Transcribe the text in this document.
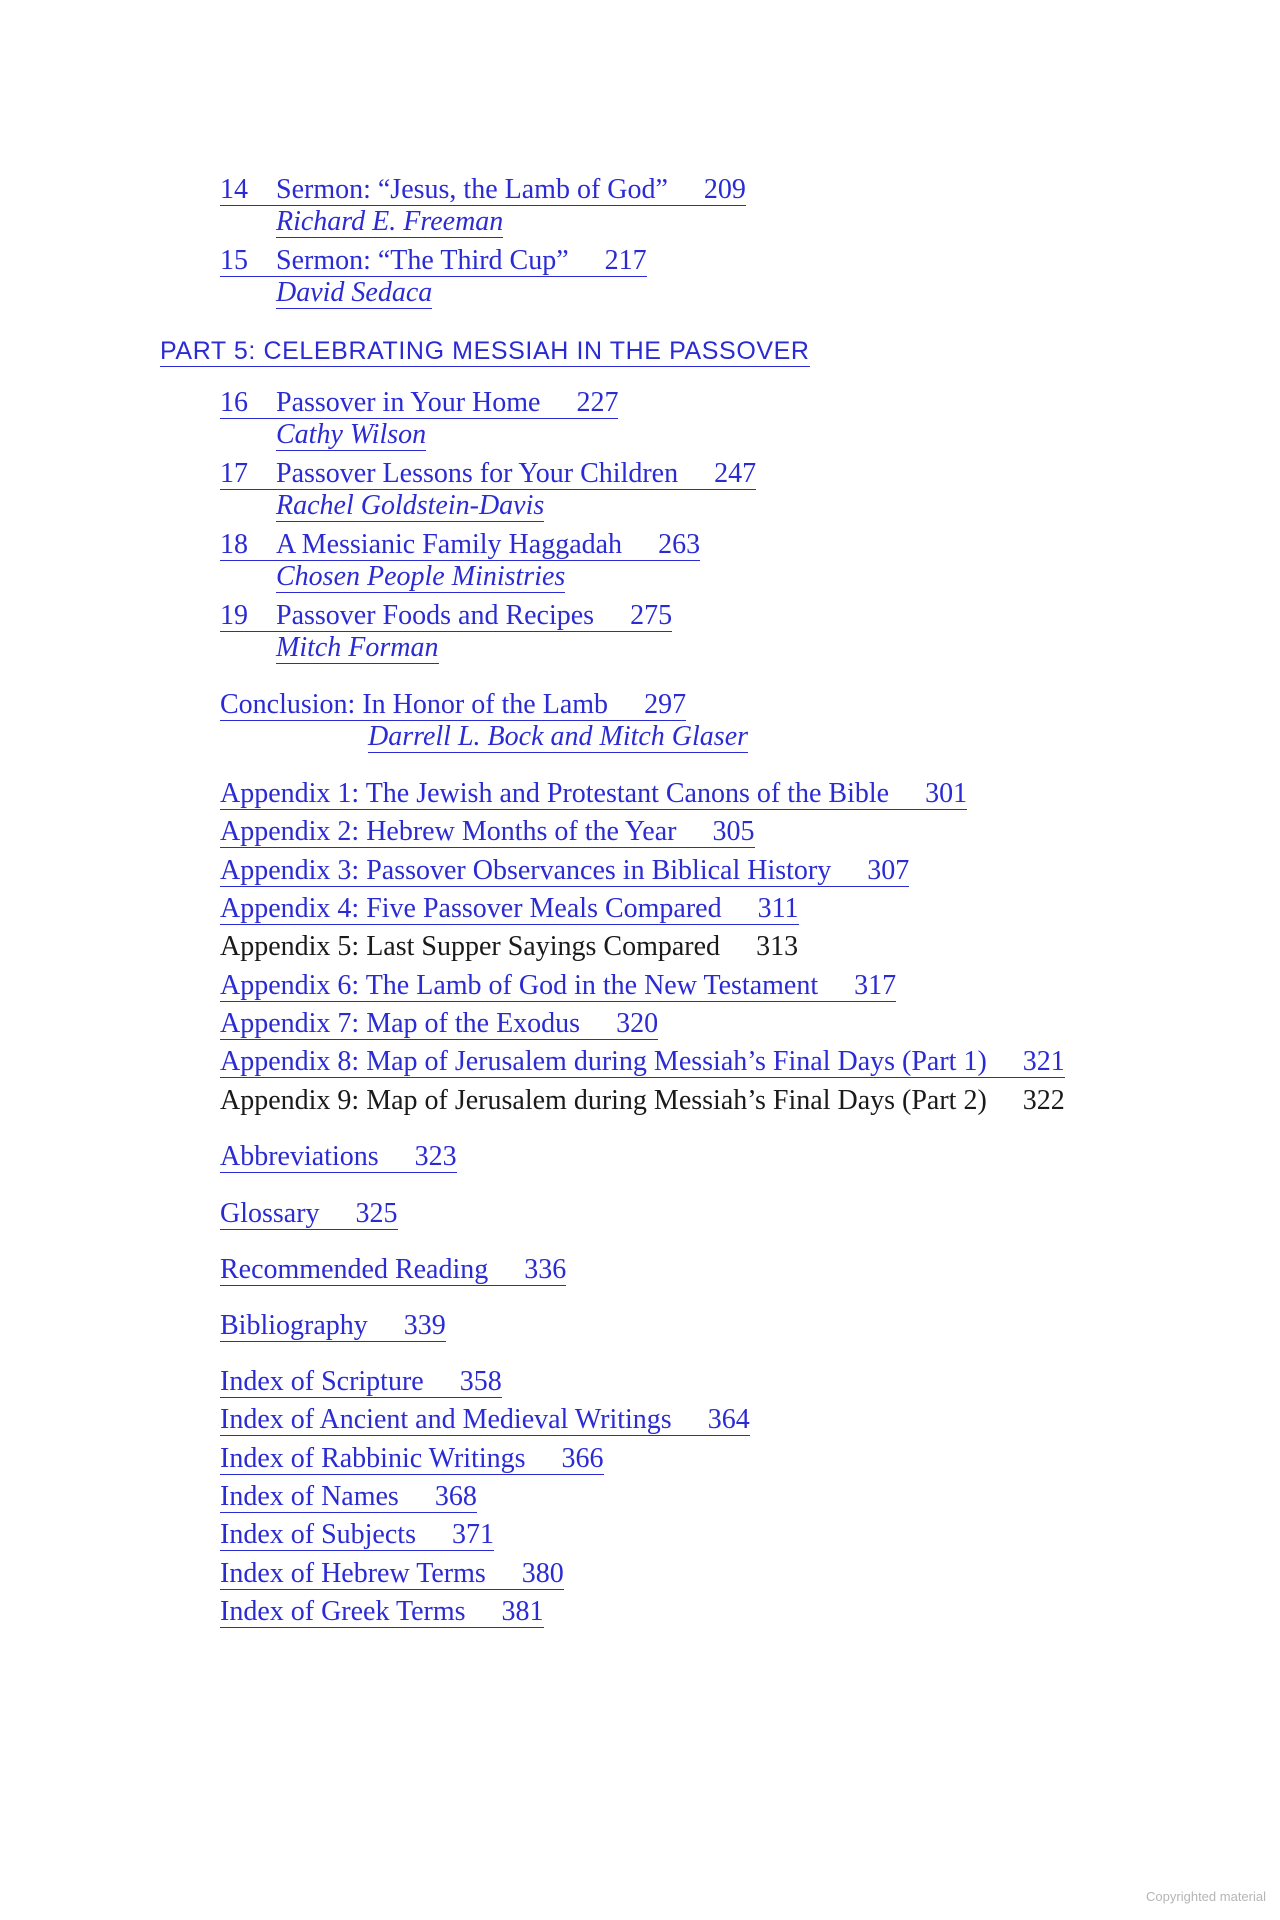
14 Sermon: “Jesus, the Lamb of God” 209
Richard E. Freeman
15 Sermon: “The Third Cup” 217
David Sedaca
PART 5: CELEBRATING MESSIAH IN THE PASSOVER
16 Passover in Your Home 227
Cathy Wilson
17 Passover Lessons for Your Children 247
Rachel Goldstein-Davis
18 A Messianic Family Haggadah 263
Chosen People Ministries
19 Passover Foods and Recipes 275
Mitch Forman
Conclusion: In Honor of the Lamb 297
Darrell L. Bock and Mitch Glaser
Appendix 1: The Jewish and Protestant Canons of the Bible 301
Appendix 2: Hebrew Months of the Year 305
Appendix 3: Passover Observances in Biblical History 307
Appendix 4: Five Passover Meals Compared 311
Appendix 5: Last Supper Sayings Compared 313
Appendix 6: The Lamb of God in the New Testament 317
Appendix 7: Map of the Exodus 320
Appendix 8: Map of Jerusalem during Messiah’s Final Days (Part 1) 321
Appendix 9: Map of Jerusalem during Messiah’s Final Days (Part 2) 322
Abbreviations 323
Glossary 325
Recommended Reading 336
Bibliography 339
Index of Scripture 358
Index of Ancient and Medieval Writings 364
Index of Rabbinic Writings 366
Index of Names 368
Index of Subjects 371
Index of Hebrew Terms 380
Index of Greek Terms 381
Copyrighted material
